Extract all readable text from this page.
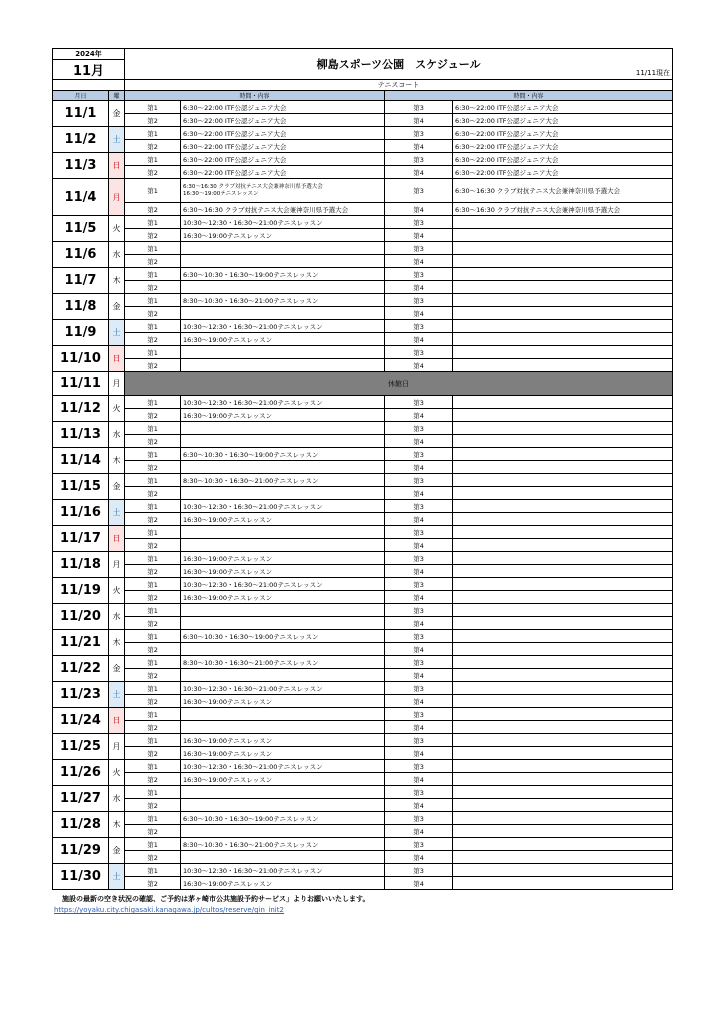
2024年		柳島スポーツ公園　スケジュール
11/11現在			

11月					
		テニスコート			
月日	曜	時間・内容		時間・内容	
11/1	金	第1	6:30～22:00 ITF公認ジュニア大会	第3	6:30～22:00 ITF公認ジュニア大会
		第2	6:30～22:00 ITF公認ジュニア大会	第4	6:30～22:00 ITF公認ジュニア大会
11/2	土	第1	6:30～22:00 ITF公認ジュニア大会	第3	6:30～22:00 ITF公認ジュニア大会
		第2	6:30～22:00 ITF公認ジュニア大会	第4	6:30～22:00 ITF公認ジュニア大会
11/3	日	第1	6:30～22:00 ITF公認ジュニア大会	第3	6:30～22:00 ITF公認ジュニア大会
		第2	6:30～22:00 ITF公認ジュニア大会	第4	6:30～22:00 ITF公認ジュニア大会
11/4	月	第1	6:30～16:30 クラブ対抗テニス大会兼神奈川県予選大会
16:30～19:00テニスレッスン	第3	6:30～16:30 クラブ対抗テニス大会兼神奈川県予選大会
		第2	6:30～16:30 クラブ対抗テニス大会兼神奈川県予選大会	第4	6:30～16:30 クラブ対抗テニス大会兼神奈川県予選大会
11/5	火	第1	10:30～12:30・16:30～21:00テニスレッスン	第3	
		第2	16:30～19:00テニスレッスン	第4	
11/6	水	第1		第3	
		第2		第4	
11/7	木	第1	6:30～10:30・16:30～19:00テニスレッスン	第3	
		第2		第4	
11/8	金	第1	8:30～10:30・16:30～21:00テニスレッスン	第3	
		第2		第4	
11/9	土	第1	10:30～12:30・16:30～21:00テニスレッスン	第3	
		第2	16:30～19:00テニスレッスン	第4	
11/10	日	第1		第3	
		第2		第4	
11/11	月	休館日			
11/12	火	第1	10:30～12:30・16:30～21:00テニスレッスン	第3	
		第2	16:30～19:00テニスレッスン	第4	
11/13	水	第1		第3	
		第2		第4	
11/14	木	第1	6:30～10:30・16:30～19:00テニスレッスン	第3	
		第2		第4	
11/15	金	第1	8:30～10:30・16:30～21:00テニスレッスン	第3	
		第2		第4	
11/16	土	第1	10:30～12:30・16:30～21:00テニスレッスン	第3	
		第2	16:30～19:00テニスレッスン	第4	
11/17	日	第1		第3	
		第2		第4	
11/18	月	第1	16:30～19:00テニスレッスン	第3	
		第2	16:30～19:00テニスレッスン	第4	
11/19	火	第1	10:30～12:30・16:30～21:00テニスレッスン	第3	
		第2	16:30～19:00テニスレッスン	第4	
11/20	水	第1		第3	
		第2		第4	
11/21	木	第1	6:30～10:30・16:30～19:00テニスレッスン	第3	
		第2		第4	
11/22	金	第1	8:30～10:30・16:30～21:00テニスレッスン	第3	
		第2		第4	
11/23	土	第1	10:30～12:30・16:30～21:00テニスレッスン	第3	
		第2	16:30～19:00テニスレッスン	第4	
11/24	日	第1		第3	
		第2		第4	
11/25	月	第1	16:30～19:00テニスレッスン	第3	
		第2	16:30～19:00テニスレッスン	第4	
11/26	火	第1	10:30～12:30・16:30～21:00テニスレッスン	第3	
		第2	16:30～19:00テニスレッスン	第4	
11/27	水	第1		第3	
		第2		第4	
11/28	木	第1	6:30～10:30・16:30～19:00テニスレッスン	第3	
		第2		第4	
11/29	金	第1	8:30～10:30・16:30～21:00テニスレッスン	第3	
		第2		第4	
11/30	土	第1	10:30～12:30・16:30～21:00テニスレッスン	第3	
		第2	16:30～19:00テニスレッスン	第4	
施設の最新の空き状況の確認、ご予約は茅ヶ崎市公共施設予約サービス」よりお願いいたします。
https://yoyaku.city.chigasaki.kanagawa.jp/cultos/reserve/gin_init2
